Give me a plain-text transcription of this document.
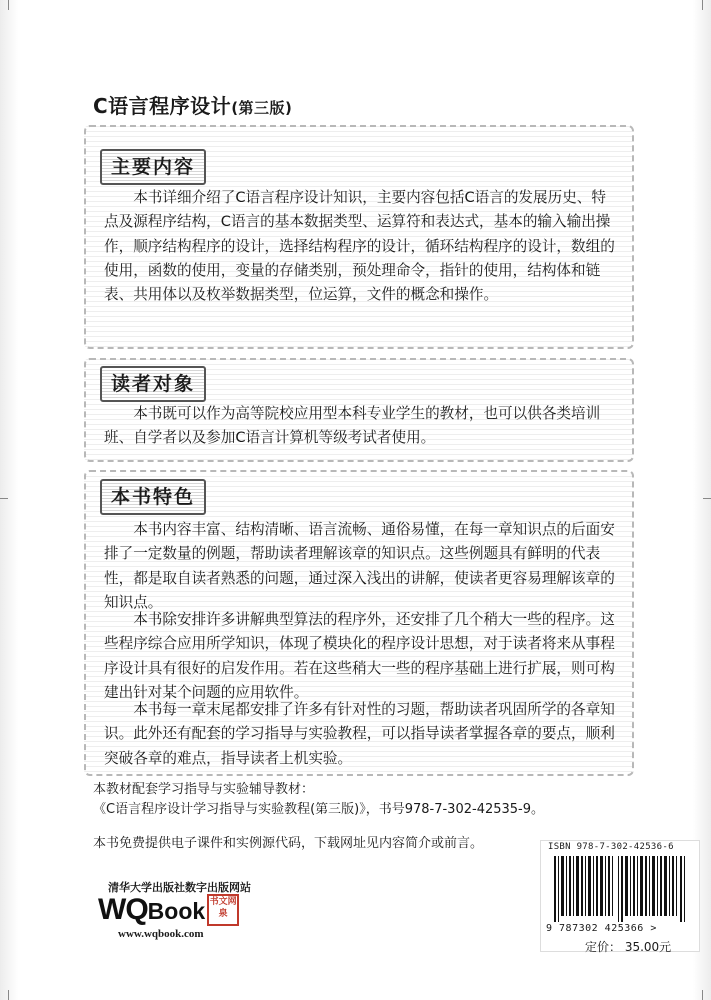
C语言程序设计(第三版)
主要内容

本书详细介绍了C语言程序设计知识，主要内容包括C语言的发展历史、特点及源程序结构，C语言的基本数据类型、运算符和表达式，基本的输入输出操作，顺序结构程序的设计，选择结构程序的设计，循环结构程序的设计，数组的使用，函数的使用，变量的存储类别，预处理命令，指针的使用，结构体和链表、共用体以及枚举数据类型，位运算，文件的概念和操作。

读者对象

本书既可以作为高等院校应用型本科专业学生的教材，也可以供各类培训班、自学者以及参加C语言计算机等级考试者使用。

本书特色

本书内容丰富、结构清晰、语言流畅、通俗易懂，在每一章知识点的后面安排了一定数量的例题，帮助读者理解该章的知识点。这些例题具有鲜明的代表性，都是取自读者熟悉的问题，通过深入浅出的讲解，使读者更容易理解该章的知识点。

本书除安排许多讲解典型算法的程序外，还安排了几个稍大一些的程序。这些程序综合应用所学知识，体现了模块化的程序设计思想，对于读者将来从事程序设计具有很好的启发作用。若在这些稍大一些的程序基础上进行扩展，则可构建出针对某个问题的应用软件。

本书每一章末尾都安排了许多有针对性的习题，帮助读者巩固所学的各章知识。此外还有配套的学习指导与实验教程，可以指导读者掌握各章的要点，顺利突破各章的难点，指导读者上机实验。

本教材配套学习指导与实验辅导教材：
《C语言程序设计学习指导与实验教程(第三版)》，书号978-7-302-42535-9。
本书免费提供电子课件和实例源代码，下载网址见内容简介或前言。
清华大学出版社数字出版网站
WQBook 书文网泉
www.wqbook.com
ISBN 978-7-302-42536-6
9 787302 425366 >
定价： 35.00元
